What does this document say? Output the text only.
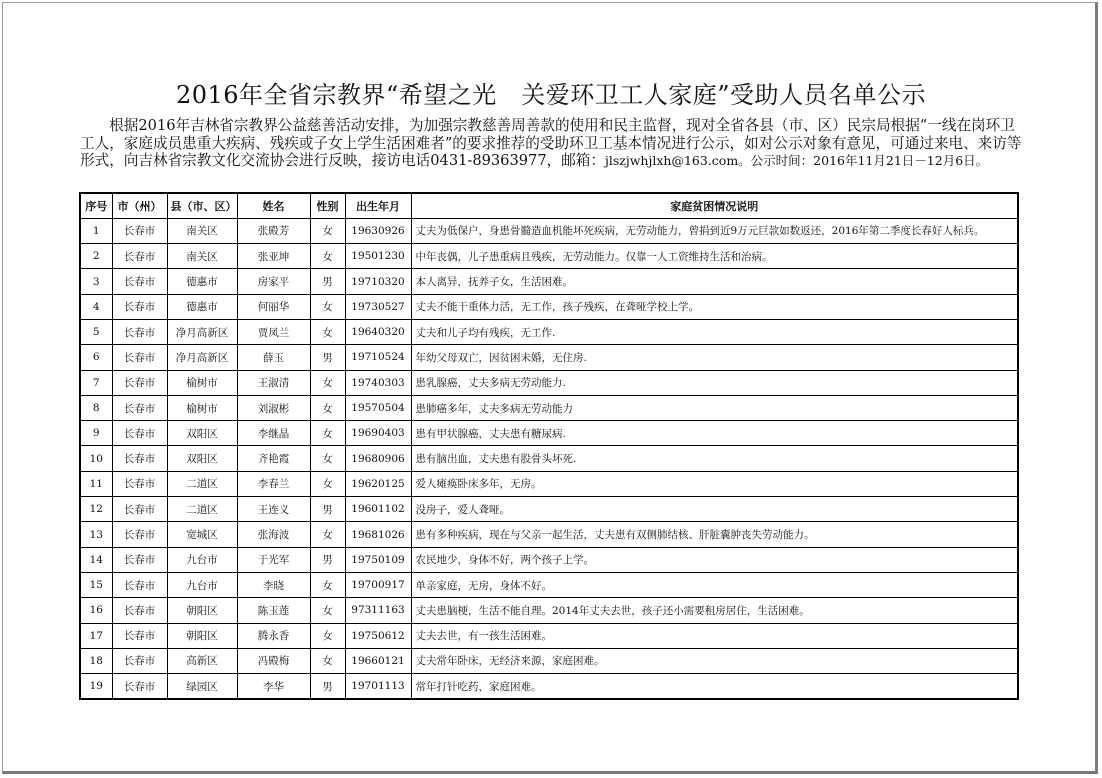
2016年全省宗教界“希望之光　关爱环卫工人家庭”受助人员名单公示
根据2016年吉林省宗教界公益慈善活动安排，为加强宗教慈善周善款的使用和民主监督，现对全省各县（市、区）民宗局根据“一线在岗环卫工人，家庭成员患重大疾病、残疾或子女上学生活困难者”的要求推荐的受助环卫工基本情况进行公示，如对公示对象有意见，可通过来电、来访等形式，向吉林省宗教文化交流协会进行反映，接访电话0431-89363977，邮箱：jlszjwhjlxh@163.com。公示时间：2016年11月21日－12月6日。
序号	市（州）	县（市、区）	姓名	性别	出生年月	家庭贫困情况说明
1	长春市	南关区	张殿芳	女	19630926	丈夫为低保户，身患骨髓造血机能坏死疾病，无劳动能力，曾捐到近9万元巨款如数返还，2016年第二季度长春好人标兵。
2	长春市	南关区	张亚坤	女	19501230	中年丧偶，儿子患重病且残疾，无劳动能力。仅靠一人工资维持生活和治病。
3	长春市	德惠市	房家平	男	19710320	本人离异，抚养子女，生活困难。
4	长春市	德惠市	何丽华	女	19730527	丈夫不能干重体力活，无工作，孩子残疾，在聋哑学校上学。
5	长春市	净月高新区	贾凤兰	女	19640320	丈夫和儿子均有残疾，无工作.
6	长春市	净月高新区	薛玉	男	19710524	年幼父母双亡，因贫困未婚，无住房.
7	长春市	榆树市	王淑清	女	19740303	患乳腺癌，丈夫多病无劳动能力.
8	长春市	榆树市	刘淑彬	女	19570504	患肺癌多年，丈夫多病无劳动能力
9	长春市	双阳区	李继晶	女	19690403	患有甲状腺癌，丈夫患有糖尿病.
10	长春市	双阳区	齐艳霞	女	19680906	患有脑出血，丈夫患有股骨头坏死.
11	长春市	二道区	李春兰	女	19620125	爱人瘫痪卧床多年，无房。
12	长春市	二道区	王连义	男	19601102	没房子，爱人聋哑。
13	长春市	宽城区	张海波	女	19681026	患有多种疾病，现在与父亲一起生活，丈夫患有双侧肺结核、肝脏囊肿丧失劳动能力。
14	长春市	九台市	于光军	男	19750109	农民地少，身体不好，两个孩子上学。
15	长春市	九台市	李晓	女	19700917	单亲家庭，无房，身体不好。
16	长春市	朝阳区	陈玉莲	女	97311163	丈夫患脑梗，生活不能自理。2014年丈夫去世，孩子还小需要租房居住，生活困难。
17	长春市	朝阳区	腾永香	女	19750612	丈夫去世，有一孩生活困难。
18	长春市	高新区	冯殿梅	女	19660121	丈夫常年卧床，无经济来源，家庭困难。
19	长春市	绿园区	李华	男	19701113	常年打针吃药，家庭困难。
